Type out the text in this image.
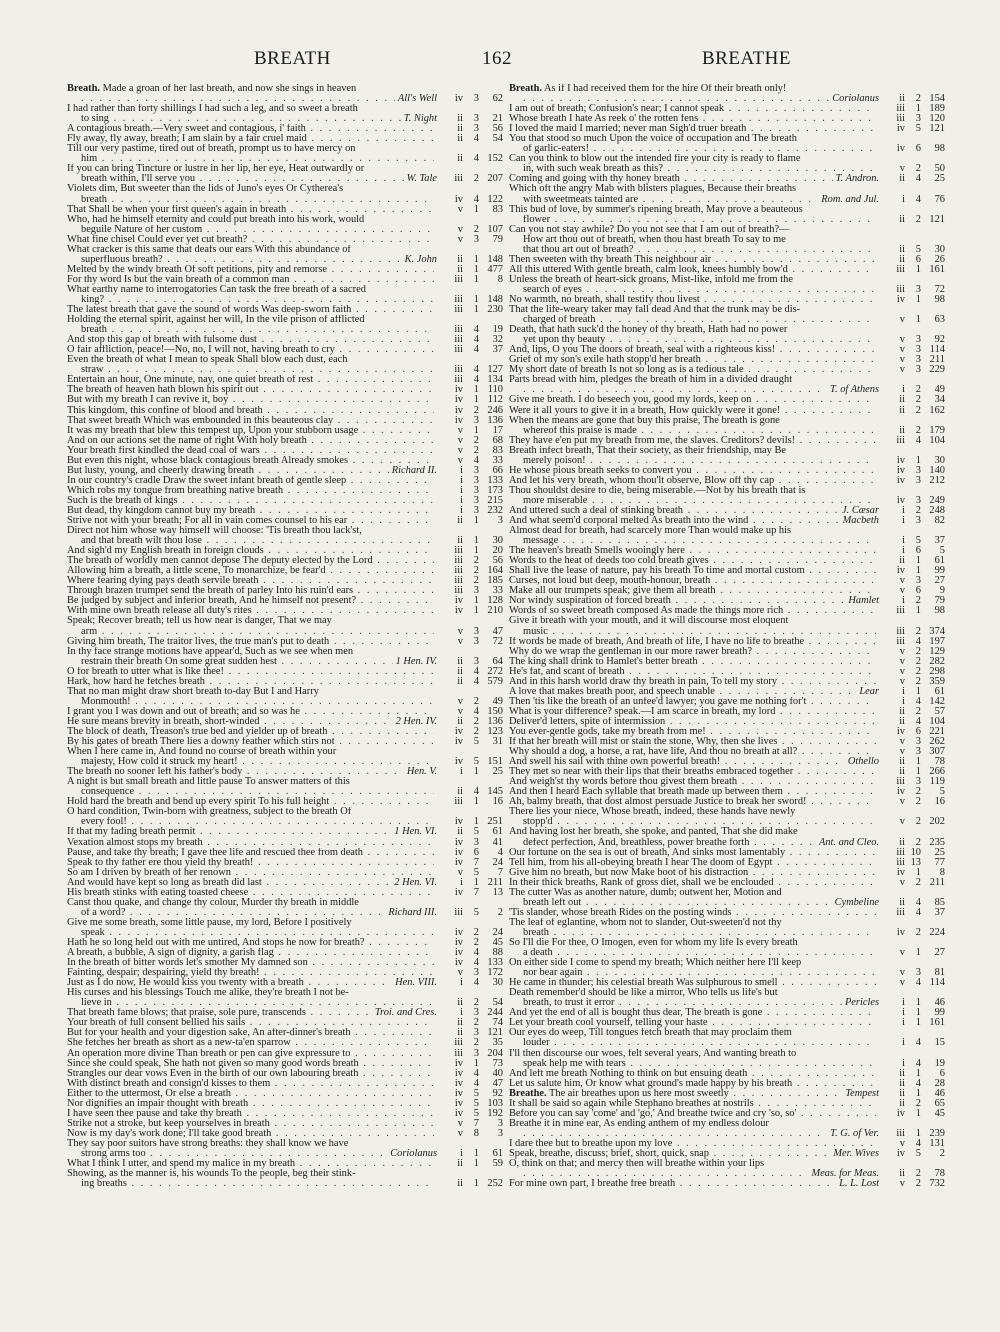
BREATH	162	BREATHE
Breath. Made a groan of her last breath, and now she sings in heaven
. . .
All's Well	iv	3	62
I had rather than forty shillings I had such a leg, and so sweet a breath
to sing . . .	T. Night	ii	3	21
A contagious breath.—Very sweet and contagious, i' faith . . .	ii	3	56
Fly away, fly away, breath; I am slain by a fair cruel maid . . .	ii	4	54
Till our very pastime, tired out of breath, prompt us to have mercy on
him . . .	ii	4 152
If you can bring Tincture or lustre in her lip, her eye, Heat outwardly or
breath within, I'll serve you . . .	W. Tale	iii	2 207
Violets dim, But sweeter than the lids of Juno's eyes Or Cytherea's
breath . . .	iv	4 122
That Shall be when your first queen's again in breath . . .	v	1	83
Who, had he himself eternity and could put breath into his work, would
beguile Nature of her custom . . .	v	2 107
What fine chisel Could ever yet cut breath? . . .	v	3	79
What cracker is this same that deafs our ears With this abundance of
superfluous breath? . . .	K. John	ii	1 148
Melted by the windy breath Of soft petitions, pity and remorse . . .	ii	1 477
For thy word Is but the vain breath of a common man . . .	iii	1	8
What earthy name to interrogatories Can task the free breath of a sacred
king? . . .	iii	1 148
The latest breath that gave the sound of words Was deep-sworn faith . . .	iii	1 230
Holding the eternal spirit, against her will, In the vile prison of afflicted
breath . . .	iii	4	19
And stop this gap of breath with fulsome dust . . .	iii	4	32
O fair affliction, peace!—No, no, I will not, having breath to cry . . .	iii	4	37
Even the breath of what I mean to speak Shall blow each dust, each
straw . . .	iii	4 127
Entertain an hour, One minute, nay, one quiet breath of rest . . .	iii	4 134
The breath of heaven hath blown his spirit out . . .	iv	1 110
But with my breath I can revive it, boy . . .	iv	1 112
This kingdom, this confine of blood and breath . . .	iv	2 246
That sweet breath Which was embounded in this beauteous clay . . .	iv	3 136
It was my breath that blew this tempest up, Upon your stubborn usage . . .	v	1	17
And on our actions set the name of right With holy breath . . .	v	2	68
Your breath first kindled the dead coal of wars . . .	v	2	83
But even this night, whose black contagious breath Already smokes . . .	v	4	33
But lusty, young, and cheerly drawing breath . . .	Richard II.	i	3	66
In our country's cradle Draw the sweet infant breath of gentle sleep . . .	i	3 133
Which robs my tongue from breathing native breath . . .	i	3 173
Such is the breath of kings . . .	i	3 215
But dead, thy kingdom cannot buy my breath . . .	i	3 232
Strive not with your breath; For all in vain comes counsel to his ear . . .	ii	1	3
Direct not him whose way himself will choose: 'Tis breath thou lack'st,
and that breath wilt thou lose . . .	ii	1	30
And sigh'd my English breath in foreign clouds . . .	iii	1	20
The breath of worldly men cannot depose The deputy elected by the Lord . . .	iii	2	56
Allowing him a breath, a little scene, To monarchize, be fear'd . . .	iii	2 164
Where fearing dying pays death servile breath . . .	iii	2 185
Through brazen trumpet send the breath of parley Into his ruin'd ears . . .	iii	3	33
Be judged by subject and inferior breath, And he himself not present? . . .	iv	1 128
With mine own breath release all duty's rites . . .	iv	1 210
Speak; Recover breath; tell us how near is danger, That we may
arm . . .	v	3	47
Giving him breath, The traitor lives, the true man's put to death . . .	v	3	72
In thy face strange motions have appear'd, Such as we see when men
restrain their breath On some great sudden hest . . .	1 Hen. IV.	ii	3	64
O for breath to utter what is like thee! . . .	ii	4 272
Hark, how hard he fetches breath . . .	ii	4 579
That no man might draw short breath to-day But I and Harry
Monmouth! . . .	v	2	49
I grant you I was down and out of breath; and so was he . . .	v	4 150
He sure means brevity in breath, short-winded . . .	2 Hen. IV.	ii	2 136
The block of death, Treason's true bed and yielder up of breath . . .	iv	2 123
By his gates of breath There lies a downy feather which stirs not . . .	iv	5	31
When I here came in, And found no course of breath within your
majesty, How cold it struck my heart! . . .	iv	5 151
The breath no sooner left his father's body . . .	Hen. V.	i	1	25
A night is but small breath and little pause To answer matters of this
consequence . . .	ii	4 145
Hold hard the breath and bend up every spirit To his full height . . .	iii	1	16
O hard condition, Twin-born with greatness, subject to the breath Of
every fool! . . .	iv	1 251
If that my fading breath permit . . .	1 Hen. VI.	ii	5	61
Vexation almost stops my breath . . .	iv	3	41
Pause, and take thy breath; I gave thee life and rescued thee from death . . .	iv	6	4
Speak to thy father ere thou yield thy breath! . . .	iv	7	24
So am I driven by breath of her renown . . .	v	5	7
And would have kept so long as breath did last . . .	2 Hen. VI.	i	1 211
His breath stinks with eating toasted cheese . . .	iv	7	13
Canst thou quake, and change thy colour, Murder thy breath in middle
of a word? . . .	Richard III.	iii	5	2
Give me some breath, some little pause, my lord, Before I positively
speak . . .	iv	2	24
Hath he so long held out with me untired, And stops he now for breath? . . .	iv	2	45
A breath, a bubble, A sign of dignity, a garish flag . . .	iv	4	88
In the breath of bitter words let's smother My damned son . . .	iv	4 133
Fainting, despair; despairing, yield thy breath! . . .	v	3 172
Just as I do now, He would kiss you twenty with a breath . . .	Hen. VIII.	i	4	30
His curses and his blessings Touch me alike, they're breath I not be-
lieve in . . .	ii	2	54
That breath fame blows; that praise, sole pure, transcends . . .	Troi. and Cres.	i	3 244
Your breath of full consent bellied his sails . . .	ii	2	74
But for your health and your digestion sake, An after-dinner's breath . . .	ii	3 121
She fetches her breath as short as a new-ta'en sparrow . . .	iii	2	35
An operation more divine Than breath or pen can give expressure to . . .	iii	3 204
Since she could speak, She hath not given so many good words breath . . .	iv	1	73
Strangles our dear vows Even in the birth of our own labouring breath . . .	iv	4	40
With distinct breath and consign'd kisses to them . . .	iv	4	47
Either to the uttermost, Or else a breath . . .	iv	5	92
Nor dignifies an impair thought with breath . . .	iv	5 103
I have seen thee pause and take thy breath . . .	iv	5 192
Strike not a stroke, but keep yourselves in breath . . .	v	7	3
Now is my day's work done; I'll take good breath . . .	v	8	3
They say poor suitors have strong breaths: they shall know we have
strong arms too . . .	Coriolanus	i	1	61
What I think I utter, and spend my malice in my breath . . .	ii	1	59
Showing, as the manner is, his wounds To the people, beg their stink-
ing breaths . . .	ii	1 252
Breath. As if I had received them for the hire Of their breath only!
. . .
Coriolanus	ii	2 154
I am out of breath; Confusion's near; I cannot speak . . .	iii	1 189
Whose breath I hate As reek o' the rotten fens . . .	iii	3 120
I loved the maid I married; never man Sigh'd truer breath . . .	iv	5 121
You that stood so much Upon the voice of occupation and The breath
of garlic-eaters! . . .	iv	6	98
Can you think to blow out the intended fire your city is ready to flame
in, with such weak breath as this? . . .	v	2	50
Coming and going with thy honey breath . . .	T. Andron.	ii	4	25
Which oft the angry Mab with blisters plagues, Because their breaths
with sweetmeats tainted are . . .	Rom. and Jul.	i	4	76
This bud of love, by summer's ripening breath, May prove a beauteous
flower . . .	ii	2 121
Can you not stay awhile? Do you not see that I am out of breath?—
How art thou out of breath, when thou hast breath To say to me
that thou art out of breath? . . .	ii	5	30
Then sweeten with thy breath This neighbour air . . .	ii	6	26
All this uttered With gentle breath, calm look, knees humbly bow'd . . .	iii	1 161
Unless the breath of heart-sick groans, Mist-like, infold me from the
search of eyes . . .	iii	3	72
No warmth, no breath, shall testify thou livest . . .	iv	1	98
That the life-weary taker may fall dead And that the trunk may be dis-
charged of breath . . .	v	1	63
Death, that hath suck'd the honey of thy breath, Hath had no power
yet upon thy beauty . . .	v	3	92
And, lips, O you The doors of breath, seal with a righteous kiss! . . .	v	3 114
Grief of my son's exile hath stopp'd her breath . . .	v	3 211
My short date of breath Is not so long as is a tedious tale . . .	v	3 229
Parts bread with him, pledges the breath of him in a divided draught
. . .
T. of Athens	i	2	49
Give me breath. I do beseech you, good my lords, keep on . . .	ii	2	34
Were it all yours to give it in a breath, How quickly were it gone! . . .	ii	2 162
When the means are gone that buy this praise, The breath is gone
whereof this praise is made . . .	ii	2 179
They have e'en put my breath from me, the slaves. Creditors? devils! . . .	iii	4 104
Breath infect breath, That their society, as their friendship, may Be
merely poison! . . .	iv	1	30
He whose pious breath seeks to convert you . . .	iv	3 140
And let his very breath, whom thou'lt observe, Blow off thy cap . . .	iv	3 212
Thou shouldst desire to die, being miserable.—Not by his breath that is
more miserable . . .	iv	3 249
And uttered such a deal of stinking breath . . .	J. Cæsar	i	2 248
And what seem'd corporal melted As breath into the wind . . .	Macbeth	i	3	82
Almost dead for breath, had scarcely more Than would make up his
message . . .	i	5	37
The heaven's breath Smells wooingly here . . .	i	6	5
Words to the heat of deeds too cold breath gives . . .	ii	1	61
Shall live the lease of nature, pay his breath To time and mortal custom . . .	iv	1	99
Curses, not loud but deep, mouth-honour, breath . . .	v	3	27
Make all our trumpets speak; give them all breath . . .	v	6	9
Nor windy suspiration of forced breath . . .	Hamlet	i	2	79
Words of so sweet breath composed As made the things more rich . . .	iii	1	98
Give it breath with your mouth, and it will discourse most eloquent
music . . .	iii	2 374
If words be made of breath, And breath of life, I have no life to breathe . . .	iii	4 197
Why do we wrap the gentleman in our more rawer breath? . . .	v	2 129
The king shall drink to Hamlet's better breath . . .	v	2 282
He's fat, and scant of breath . . .	v	2 298
And in this harsh world draw thy breath in pain, To tell my story . . .	v	2 359
A love that makes breath poor, and speech unable . . .	Lear	i	1	61
Then 'tis like the breath of an unfee'd lawyer; you gave me nothing for't . . .	i	4 142
What is your difference? speak.—I am scarce in breath, my lord . . .	ii	2	57
Deliver'd letters, spite of intermission . . .	ii	4 104
You ever-gentle gods, take my breath from me! . . .	iv	6 221
If that her breath will mist or stain the stone, Why, then she lives . . .	v	3 262
Why should a dog, a horse, a rat, have life, And thou no breath at all? . . .	v	3 307
And swell his sail with thine own powerful breath! . . .	Othello	ii	1	78
They met so near with their lips that their breaths embraced together . . .	ii	1 266
And weigh'st thy words before thou givest them breath . . .	iii	3 119
And then I heard Each syllable that breath made up between them . . .	iv	2	5
Ah, balmy breath, that dost almost persuade Justice to break her sword! . . .	v	2	16
There lies your niece, Whose breath, indeed, these hands have newly
stopp'd . . .	v	2 202
And having lost her breath, she spoke, and panted, That she did make
defect perfection, And, breathless, power breathe forth . . .	Ant. and Cleo.	ii	2 235
Our fortune on the sea is out of breath, And sinks most lamentably . . .	iii 10	25
Tell him, from his all-obeying breath I hear The doom of Egypt . . .	iii 13	77
Give him no breath, but now Make boot of his distraction . . .	iv	1	8
In their thick breaths, Rank of gross diet, shall we be enclouded . . .	v	2 211
The cutter Was as another nature, dumb; outwent her, Motion and
breath left out . . .	Cymbeline	ii	4	85
'Tis slander, whose breath Rides on the posting winds . . .	iii	4	37
The leaf of eglantine, whom not to slander, Out-sweeten'd not thy
breath . . .	iv	2 224
So I'll die For thee, O Imogen, even for whom my life Is every breath
a death . . .	v	1	27
On either side I come to spend my breath; Which neither here I'll keep
nor bear again . . .	v	3	81
He came in thunder; his celestial breath Was sulphurous to smell . . .	v	4 114
Death remember'd should be like a mirror, Who tells us life's but
breath, to trust it error . . .	Pericles	i	1	46
And yet the end of all is bought thus dear, The breath is gone . . .	i	1	99
Let your breath cool yourself, telling your haste . . .	i	1 161
Our eyes do weep, Till tongues fetch breath that may proclaim them
louder . . .	i	4	15
I'll then discourse our woes, felt several years, And wanting breath to
speak help me with tears . . .	i	4	19
And left me breath Nothing to think on but ensuing death . . .	ii	1	6
Let us salute him, Or know what ground's made happy by his breath . . .	ii	4	28
Breathe. The air breathes upon us here most sweetly . . .	Tempest	ii	1	46
It shall be said so again while Stephano breathes at nostrils . . .	ii	2	65
Before you can say 'come' and 'go,' And breathe twice and cry 'so, so' . . .	iv	1	45
Breathe it in mine ear, As ending anthem of my endless dolour
. . .
T. G. of Ver.	iii	1 239
I dare thee but to breathe upon my love . . .	v	4 131
Speak, breathe, discuss; brief, short, quick, snap . . .	Mer. Wives	iv	5	2
O, think on that; and mercy then will breathe within your lips
. . .
Meas. for Meas.	ii	2	78
For mine own part, I breathe free breath . . .	L. L. Lost	v	2 732
